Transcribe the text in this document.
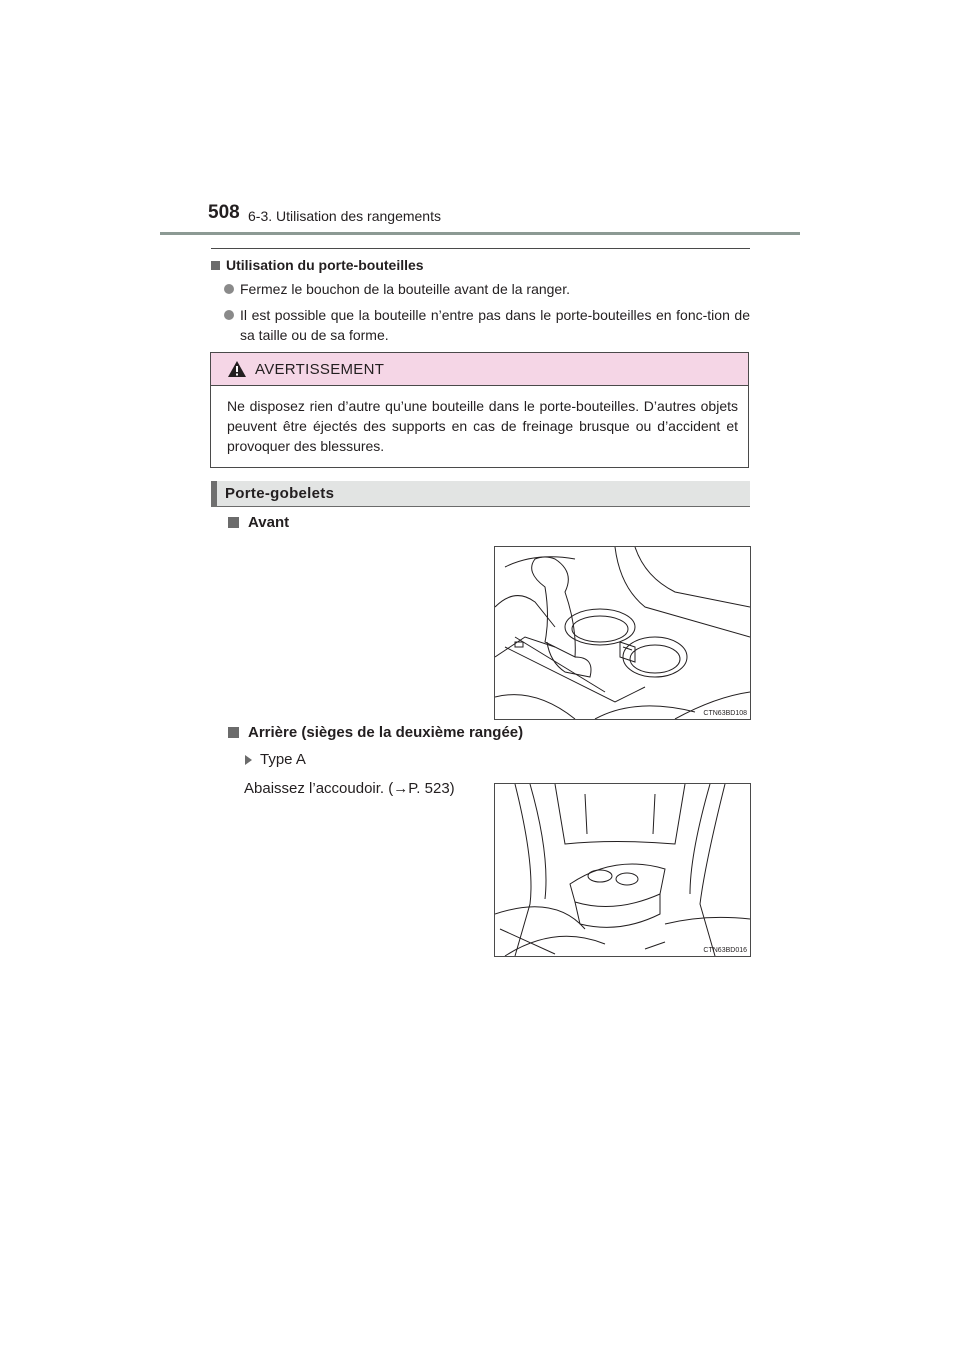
508 6-3. Utilisation des rangements
Utilisation du porte-bouteilles
Fermez le bouchon de la bouteille avant de la ranger.
Il est possible que la bouteille n’entre pas dans le porte-bouteilles en fonc-tion de sa taille ou de sa forme.
AVERTISSEMENT
Ne disposez rien d’autre qu’une bouteille dans le porte-bouteilles. D’autres objets peuvent être éjectés des supports en cas de freinage brusque ou d’accident et provoquer des blessures.
Porte-gobelets
Avant
CTN63BD108
Arrière (sièges de la deuxième rangée)
Type A
Abaissez l’accoudoir. (→P. 523)
CTN63BD016
